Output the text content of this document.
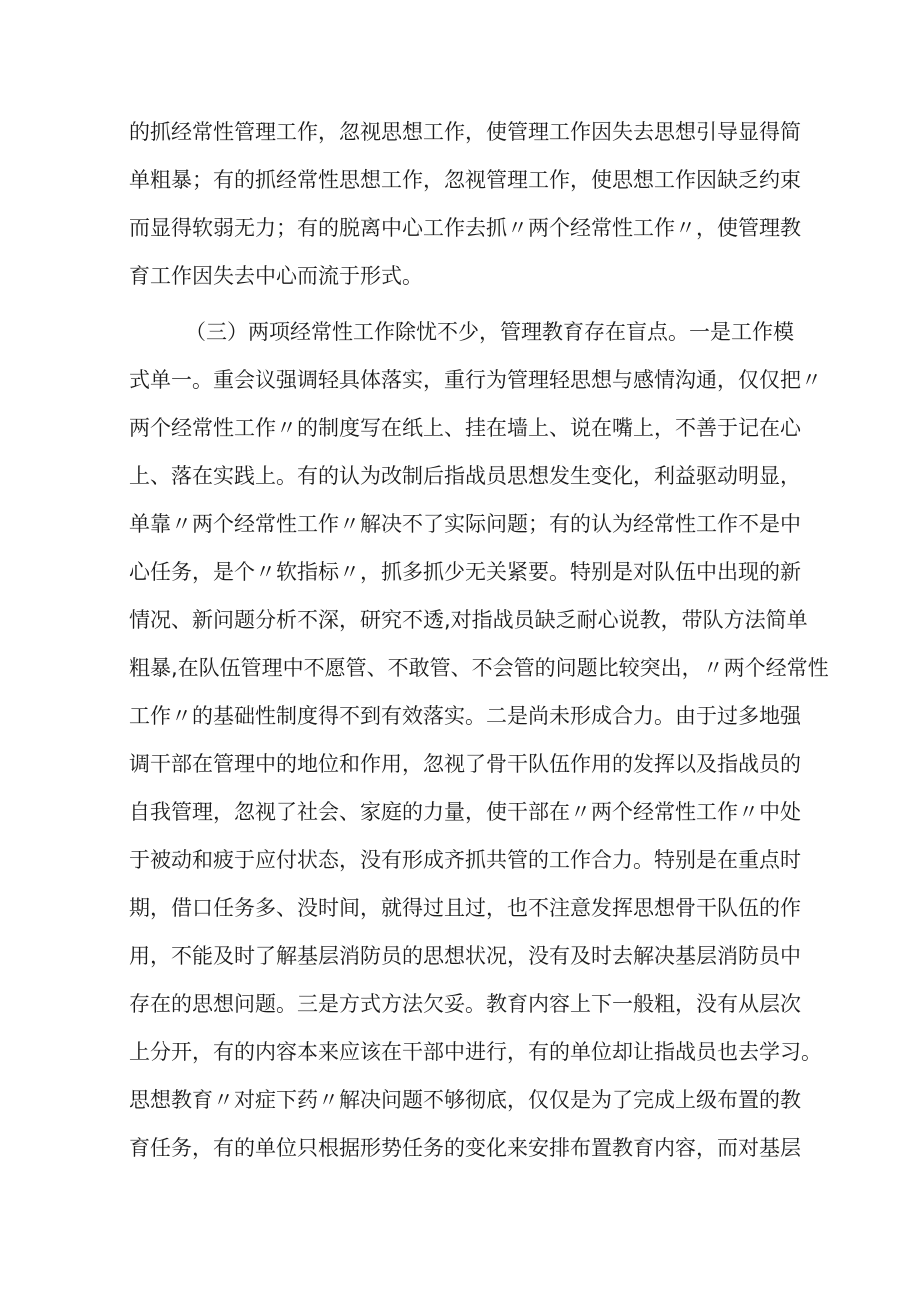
的抓经常性管理工作，忽视思想工作，使管理工作因失去思想引导显得简
单粗暴；有的抓经常性思想工作，忽视管理工作，使思想工作因缺乏约束
而显得软弱无力；有的脱离中心工作去抓〃两个经常性工作〃，使管理教
育工作因失去中心而流于形式。
（三）两项经常性工作除忧不少，管理教育存在盲点。一是工作模
式单一。重会议强调轻具体落实，重行为管理轻思想与感情沟通，仅仅把〃
两个经常性工作〃的制度写在纸上、挂在墙上、说在嘴上，不善于记在心
上、落在实践上。有的认为改制后指战员思想发生变化，利益驱动明显，
单靠〃两个经常性工作〃解决不了实际问题；有的认为经常性工作不是中
心任务，是个〃软指标〃，抓多抓少无关紧要。特别是对队伍中出现的新
情况、新问题分析不深，研究不透,对指战员缺乏耐心说教，带队方法简单
粗暴,在队伍管理中不愿管、不敢管、不会管的问题比较突出，〃两个经常性
工作〃的基础性制度得不到有效落实。二是尚未形成合力。由于过多地强
调干部在管理中的地位和作用，忽视了骨干队伍作用的发挥以及指战员的
自我管理，忽视了社会、家庭的力量，使干部在〃两个经常性工作〃中处
于被动和疲于应付状态，没有形成齐抓共管的工作合力。特别是在重点时
期，借口任务多、没时间，就得过且过，也不注意发挥思想骨干队伍的作
用，不能及时了解基层消防员的思想状况，没有及时去解决基层消防员中
存在的思想问题。三是方式方法欠妥。教育内容上下一般粗，没有从层次
上分开，有的内容本来应该在干部中进行，有的单位却让指战员也去学习。
思想教育〃对症下药〃解决问题不够彻底，仅仅是为了完成上级布置的教
育任务，有的单位只根据形势任务的变化来安排布置教育内容，而对基层
